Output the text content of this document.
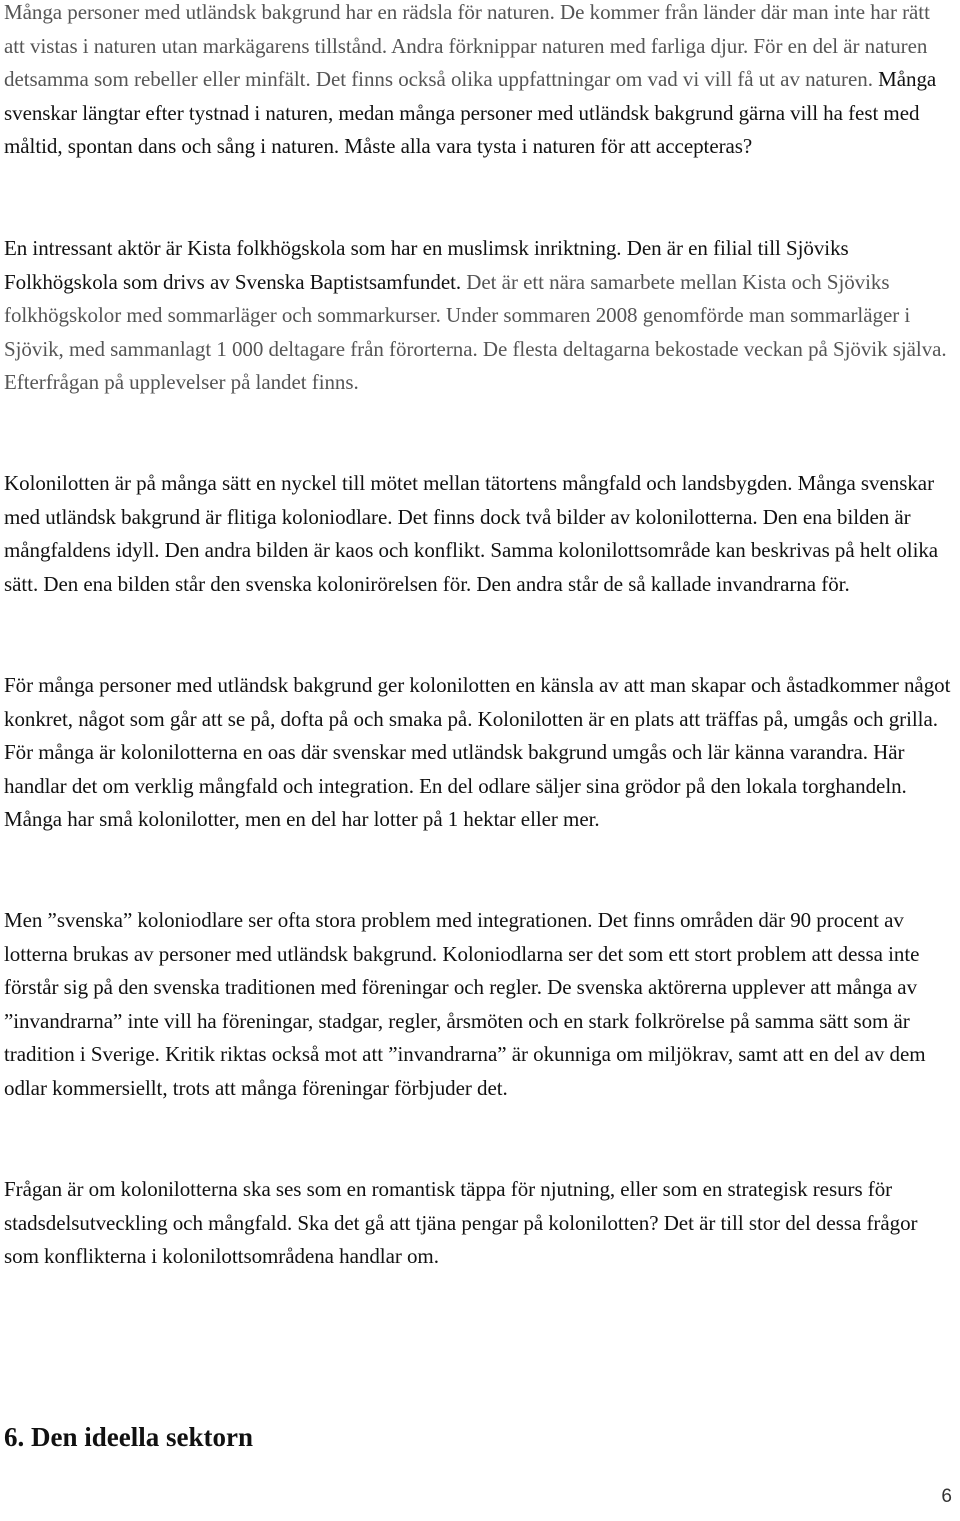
Många personer med utländsk bakgrund har en rädsla för naturen. De kommer från länder där man inte har rätt att vistas i naturen utan markägarens tillstånd. Andra förknippar naturen med farliga djur. För en del är naturen detsamma som rebeller eller minfält. Det finns också olika uppfattningar om vad vi vill få ut av naturen. Många svenskar längtar efter tystnad i naturen, medan många personer med utländsk bakgrund gärna vill ha fest med måltid, spontan dans och sång i naturen. Måste alla vara tysta i naturen för att accepteras?

En intressant aktör är Kista folkhögskola som har en muslimsk inriktning. Den är en filial till Sjöviks Folkhögskola som drivs av Svenska Baptistsamfundet. Det är ett nära samarbete mellan Kista och Sjöviks folkhögskolor med sommarläger och sommarkurser. Under sommaren 2008 genomförde man sommarläger i Sjövik, med sammanlagt 1 000 deltagare från förorterna. De flesta deltagarna bekostade veckan på Sjövik själva. Efterfrågan på upplevelser på landet finns.

Kolonilotten är på många sätt en nyckel till mötet mellan tätortens mångfald och landsbygden. Många svenskar med utländsk bakgrund är flitiga koloniodlare. Det finns dock två bilder av kolonilotterna. Den ena bilden är mångfaldens idyll. Den andra bilden är kaos och konflikt. Samma kolonilottsområde kan beskrivas på helt olika sätt. Den ena bilden står den svenska kolonirörelsen för. Den andra står de så kallade invandrarna för.

För många personer med utländsk bakgrund ger kolonilotten en känsla av att man skapar och åstadkommer något konkret, något som går att se på, dofta på och smaka på. Kolonilotten är en plats att träffas på, umgås och grilla. För många är kolonilotterna en oas där svenskar med utländsk bakgrund umgås och lär känna varandra. Här handlar det om verklig mångfald och integration. En del odlare säljer sina grödor på den lokala torghandeln. Många har små kolonilotter, men en del har lotter på 1 hektar eller mer.

Men ”svenska” koloniodlare ser ofta stora problem med integrationen. Det finns områden där 90 procent av lotterna brukas av personer med utländsk bakgrund. Koloniodlarna ser det som ett stort problem att dessa inte förstår sig på den svenska traditionen med föreningar och regler. De svenska aktörerna upplever att många av ”invandrarna” inte vill ha föreningar, stadgar, regler, årsmöten och en stark folkrörelse på samma sätt som är tradition i Sverige. Kritik riktas också mot att ”invandrarna” är okunniga om miljökrav, samt att en del av dem odlar kommersiellt, trots att många föreningar förbjuder det.

Frågan är om kolonilotterna ska ses som en romantisk täppa för njutning, eller som en strategisk resurs för stadsdelsutveckling och mångfald. Ska det gå att tjäna pengar på kolonilotten? Det är till stor del dessa frågor som konflikterna i kolonilottsområdena handlar om.

6. Den ideella sektorn
6
